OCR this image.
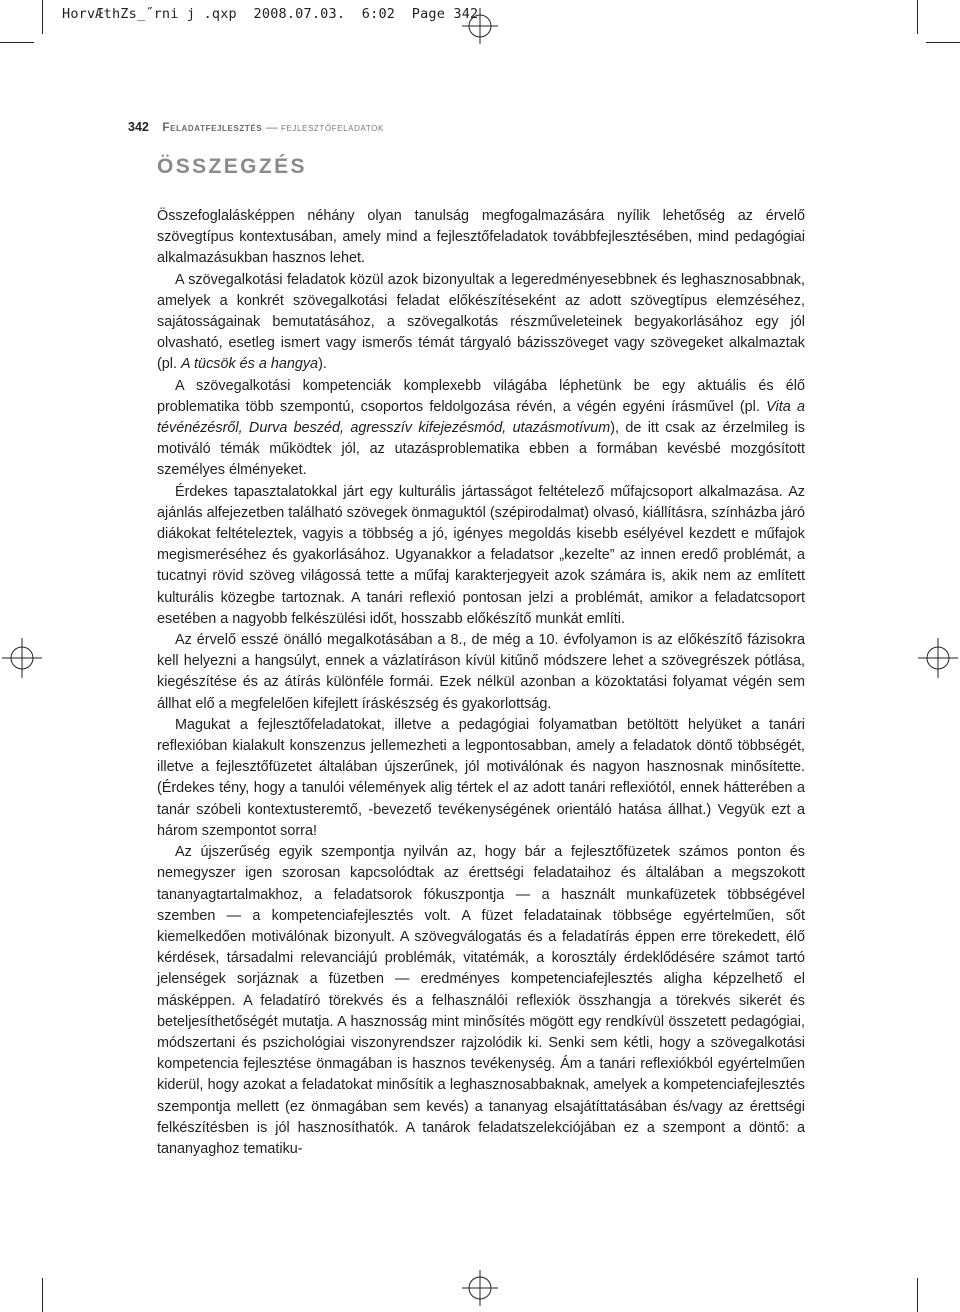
HorvÆthZs_˝rni j .qxp  2008.07.03.  6:02  Page 342
342 Feladatfejlesztés — fejlesztőfeladatok
ÖSSZEGZÉS

Összefoglalásképpen néhány olyan tanulság megfogalmazására nyílik lehetőség az érvelő szövegtípus kontextusában, amely mind a fejlesztőfeladatok továbbfejlesztésében, mind pedagógiai alkalmazásukban hasznos lehet.

A szövegalkotási feladatok közül azok bizonyultak a legeredményesebbnek és leghasznosabbnak, amelyek a konkrét szövegalkotási feladat előkészítéseként az adott szövegtípus elemzéséhez, sajátosságainak bemutatásához, a szövegalkotás részműveleteinek begyakorlásához egy jól olvasható, esetleg ismert vagy ismerős témát tárgyaló bázisszöveget vagy szövegeket alkalmaztak (pl. A tücsök és a hangya).

A szövegalkotási kompetenciák komplexebb világába léphetünk be egy aktuális és élő problematika több szempontú, csoportos feldolgozása révén, a végén egyéni írásművel (pl. Vita a tévénézésről, Durva beszéd, agresszív kifejezésmód, utazásmotívum), de itt csak az érzelmileg is motiváló témák működtek jól, az utazásproblematika ebben a formában kevésbé mozgósított személyes élményeket.

Érdekes tapasztalatokkal járt egy kulturális jártasságot feltételező műfajcsoport alkalmazása. Az ajánlás alfejezetben található szövegek önmaguktól (szépirodalmat) olvasó, kiállításra, színházba járó diákokat feltételeztek, vagyis a többség a jó, igényes megoldás kisebb esélyével kezdett e műfajok megismeréséhez és gyakorlásához. Ugyanakkor a feladatsor „kezelte” az innen eredő problémát, a tucatnyi rövid szöveg világossá tette a műfaj karakterjegyeit azok számára is, akik nem az említett kulturális közegbe tartoznak. A tanári reflexió pontosan jelzi a problémát, amikor a feladatcsoport esetében a nagyobb felkészülési időt, hosszabb előkészítő munkát említi.

Az érvelő esszé önálló megalkotásában a 8., de még a 10. évfolyamon is az előkészítő fázisokra kell helyezni a hangsúlyt, ennek a vázlatíráson kívül kitűnő módszere lehet a szövegrészek pótlása, kiegészítése és az átírás különféle formái. Ezek nélkül azonban a közoktatási folyamat végén sem állhat elő a megfelelően kifejlett íráskészség és gyakorlottság.

Magukat a fejlesztőfeladatokat, illetve a pedagógiai folyamatban betöltött helyüket a tanári reflexióban kialakult konszenzus jellemezheti a legpontosabban, amely a feladatok döntő többségét, illetve a fejlesztőfüzetet általában újszerűnek, jól motiválónak és nagyon hasznosnak minősítette. (Érdekes tény, hogy a tanulói vélemények alig tértek el az adott tanári reflexiótól, ennek hátterében a tanár szóbeli kontextusteremtő, -bevezető tevékenységének orientáló hatása állhat.) Vegyük ezt a három szempontot sorra!

Az újszerűség egyik szempontja nyilván az, hogy bár a fejlesztőfüzetek számos ponton és nemegyszer igen szorosan kapcsolódtak az érettségi feladataihoz és általában a megszokott tananyagtartalmakhoz, a feladatsorok fókuszpontja — a használt munkafüzetek többségével szemben — a kompetenciafejlesztés volt. A füzet feladatainak többsége egyértelműen, sőt kiemelkedően motiválónak bizonyult. A szövegválogatás és a feladatírás éppen erre törekedett, élő kérdések, társadalmi relevanciájú problémák, vitatémák, a korosztály érdeklődésére számot tartó jelenségek sorjáznak a füzetben — eredményes kompetenciafejlesztés aligha képzelhető el másképpen. A feladatíró törekvés és a felhasználói reflexiók összhangja a törekvés sikerét és beteljesíthetőségét mutatja. A hasznosság mint minősítés mögött egy rendkívül összetett pedagógiai, módszertani és pszichológiai viszonyrendszer rajzolódik ki. Senki sem kétli, hogy a szövegalkotási kompetencia fejlesztése önmagában is hasznos tevékenység. Ám a tanári reflexiókból egyértelműen kiderül, hogy azokat a feladatokat minősítik a leghasznosabbaknak, amelyek a kompetenciafejlesztés szempontja mellett (ez önmagában sem kevés) a tananyag elsajátíttatásában és/vagy az érettségi felkészítésben is jól hasznosíthatók. A tanárok feladatszelekciójában ez a szempont a döntő: a tananyaghoz tematiku-
